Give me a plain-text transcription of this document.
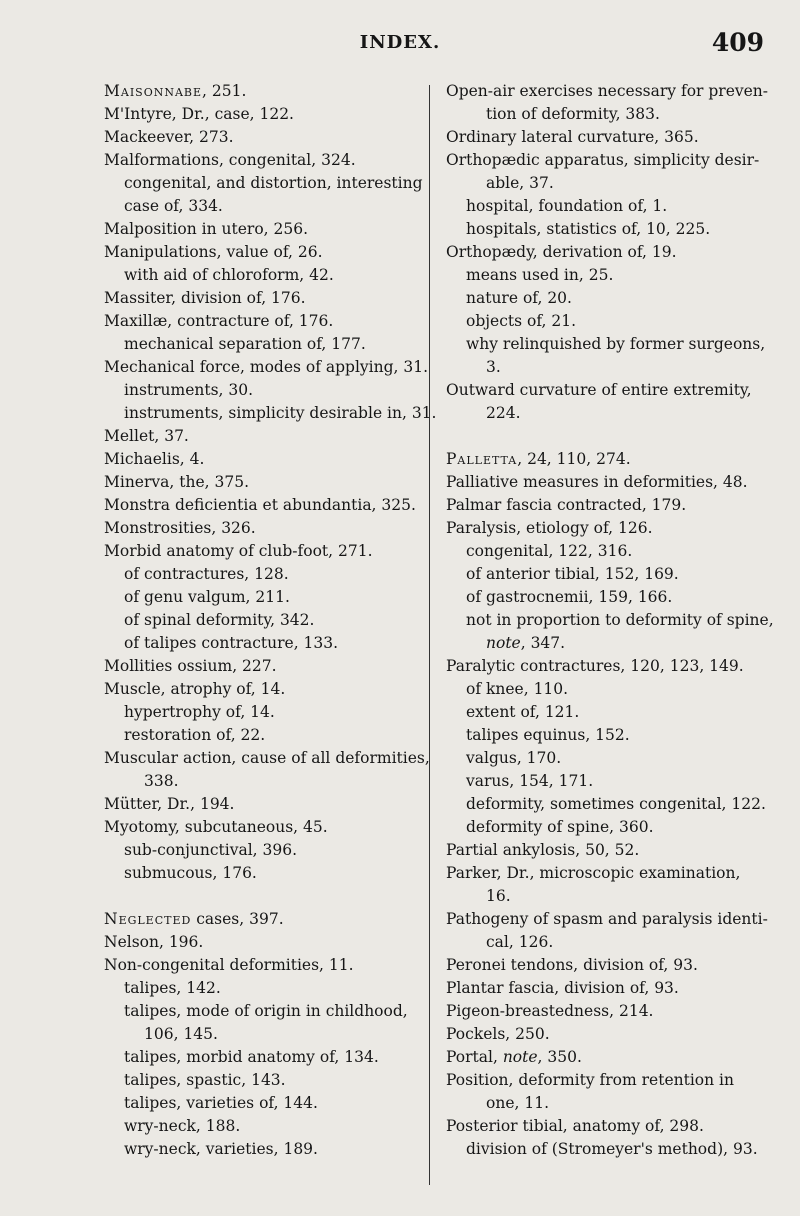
INDEX.	409
Maisonnabe, 251.
M'Intyre, Dr., case, 122.
Mackeever, 273.
Malformations, congenital, 324.
congenital, and distortion, interesting
case of, 334.
Malposition in utero, 256.
Manipulations, value of, 26.
with aid of chloroform, 42.
Massiter, division of, 176.
Maxillæ, contracture of, 176.
mechanical separation of, 177.
Mechanical force, modes of applying, 31.
instruments, 30.
instruments, simplicity desirable in, 31.
Mellet, 37.
Michaelis, 4.
Minerva, the, 375.
Monstra deficientia et abundantia, 325.
Monstrosities, 326.
Morbid anatomy of club-foot, 271.
of contractures, 128.
of genu valgum, 211.
of spinal deformity, 342.
of talipes contracture, 133.
Mollities ossium, 227.
Muscle, atrophy of, 14.
hypertrophy of, 14.
restoration of, 22.
Muscular action, cause of all deformities,
338.
Mütter, Dr., 194.
Myotomy, subcutaneous, 45.
sub-conjunctival, 396.
submucous, 176.
Neglected cases, 397.
Nelson, 196.
Non-congenital deformities, 11.
talipes, 142.
talipes, mode of origin in childhood,
106, 145.
talipes, morbid anatomy of, 134.
talipes, spastic, 143.
talipes, varieties of, 144.
wry-neck, 188.
wry-neck, varieties, 189.
Open-air exercises necessary for preven-
tion of deformity, 383.
Ordinary lateral curvature, 365.
Orthopædic apparatus, simplicity desir-
able, 37.
hospital, foundation of, 1.
hospitals, statistics of, 10, 225.
Orthopædy, derivation of, 19.
means used in, 25.
nature of, 20.
objects of, 21.
why relinquished by former surgeons,
3.
Outward curvature of entire extremity,
224.
Palletta, 24, 110, 274.
Palliative measures in deformities, 48.
Palmar fascia contracted, 179.
Paralysis, etiology of, 126.
congenital, 122, 316.
of anterior tibial, 152, 169.
of gastrocnemii, 159, 166.
not in proportion to deformity of spine,
note, 347.
Paralytic contractures, 120, 123, 149.
of knee, 110.
extent of, 121.
talipes equinus, 152.
valgus, 170.
varus, 154, 171.
deformity, sometimes congenital, 122.
deformity of spine, 360.
Partial ankylosis, 50, 52.
Parker, Dr., microscopic examination,
16.
Pathogeny of spasm and paralysis identi-
cal, 126.
Peronei tendons, division of, 93.
Plantar fascia, division of, 93.
Pigeon-breastedness, 214.
Pockels, 250.
Portal, note, 350.
Position, deformity from retention in
one, 11.
Posterior tibial, anatomy of, 298.
division of (Stromeyer's method), 93.
